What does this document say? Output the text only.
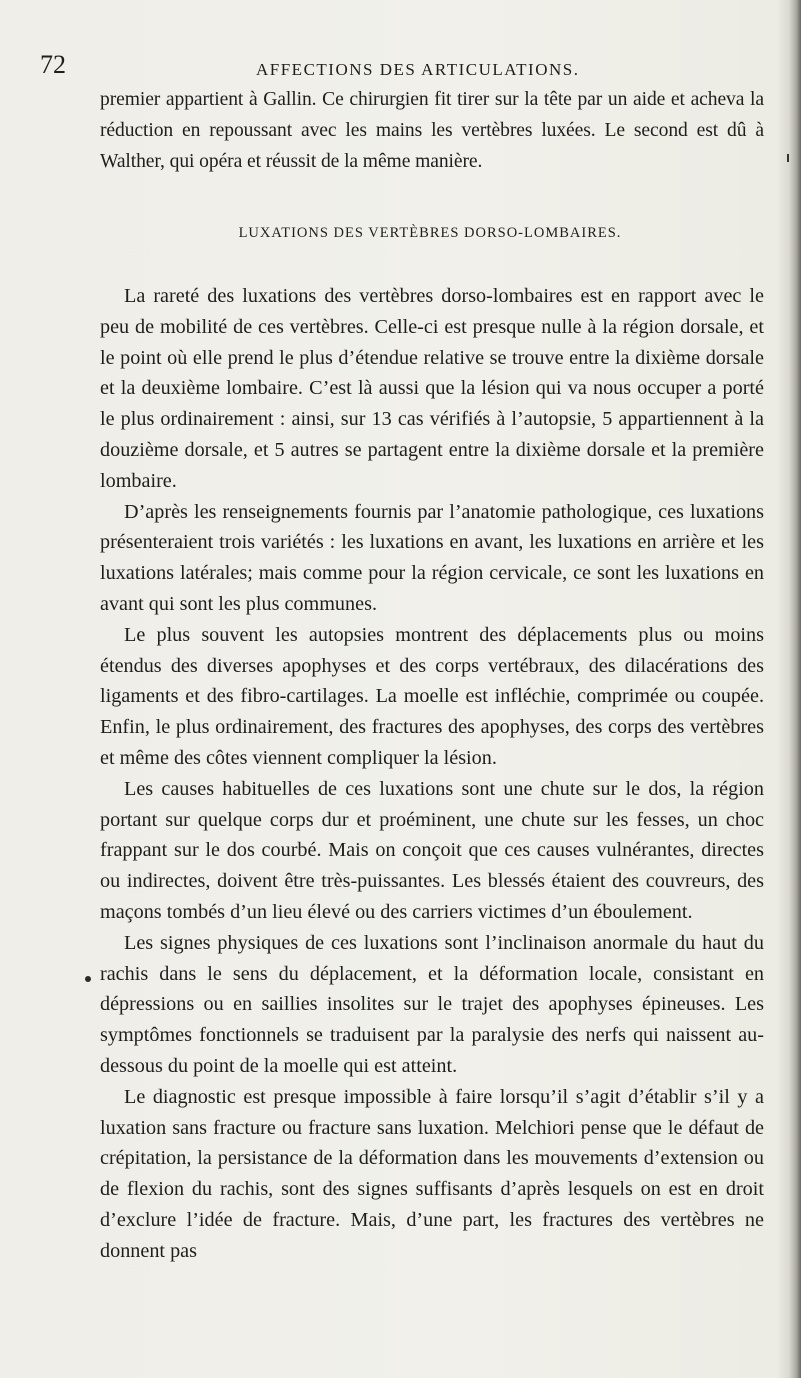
72	AFFECTIONS DES ARTICULATIONS.

premier appartient à Gallin. Ce chirurgien fit tirer sur la tête par un aide et acheva la réduction en repoussant avec les mains les vertèbres luxées. Le second est dû à Walther, qui opéra et réussit de la même manière.

LUXATIONS DES VERTÈBRES DORSO-LOMBAIRES.

La rareté des luxations des vertèbres dorso-lombaires est en rapport avec le peu de mobilité de ces vertèbres. Celle-ci est presque nulle à la région dorsale, et le point où elle prend le plus d’étendue relative se trouve entre la dixième dorsale et la deuxième lombaire. C’est là aussi que la lésion qui va nous occuper a porté le plus ordinairement : ainsi, sur 13 cas vérifiés à l’autopsie, 5 appartiennent à la douzième dorsale, et 5 autres se partagent entre la dixième dorsale et la première lombaire.

D’après les renseignements fournis par l’anatomie pathologique, ces luxations présenteraient trois variétés : les luxations en avant, les luxations en arrière et les luxations latérales; mais comme pour la région cervicale, ce sont les luxations en avant qui sont les plus communes.

Le plus souvent les autopsies montrent des déplacements plus ou moins étendus des diverses apophyses et des corps vertébraux, des dilacérations des ligaments et des fibro-cartilages. La moelle est infléchie, comprimée ou coupée. Enfin, le plus ordinairement, des fractures des apophyses, des corps des vertèbres et même des côtes viennent compliquer la lésion.

Les causes habituelles de ces luxations sont une chute sur le dos, la région portant sur quelque corps dur et proéminent, une chute sur les fesses, un choc frappant sur le dos courbé. Mais on conçoit que ces causes vulnérantes, directes ou indirectes, doivent être très-puissantes. Les blessés étaient des couvreurs, des maçons tombés d’un lieu élevé ou des carriers victimes d’un éboulement.

Les signes physiques de ces luxations sont l’inclinaison anormale du haut du rachis dans le sens du déplacement, et la déformation locale, consistant en dépressions ou en saillies insolites sur le trajet des apophyses épineuses. Les symptômes fonctionnels se traduisent par la paralysie des nerfs qui naissent au-dessous du point de la moelle qui est atteint.

Le diagnostic est presque impossible à faire lorsqu’il s’agit d’établir s’il y a luxation sans fracture ou fracture sans luxation. Melchiori pense que le défaut de crépitation, la persistance de la déformation dans les mouvements d’extension ou de flexion du rachis, sont des signes suffisants d’après lesquels on est en droit d’exclure l’idée de fracture. Mais, d’une part, les fractures des vertèbres ne donnent pas
